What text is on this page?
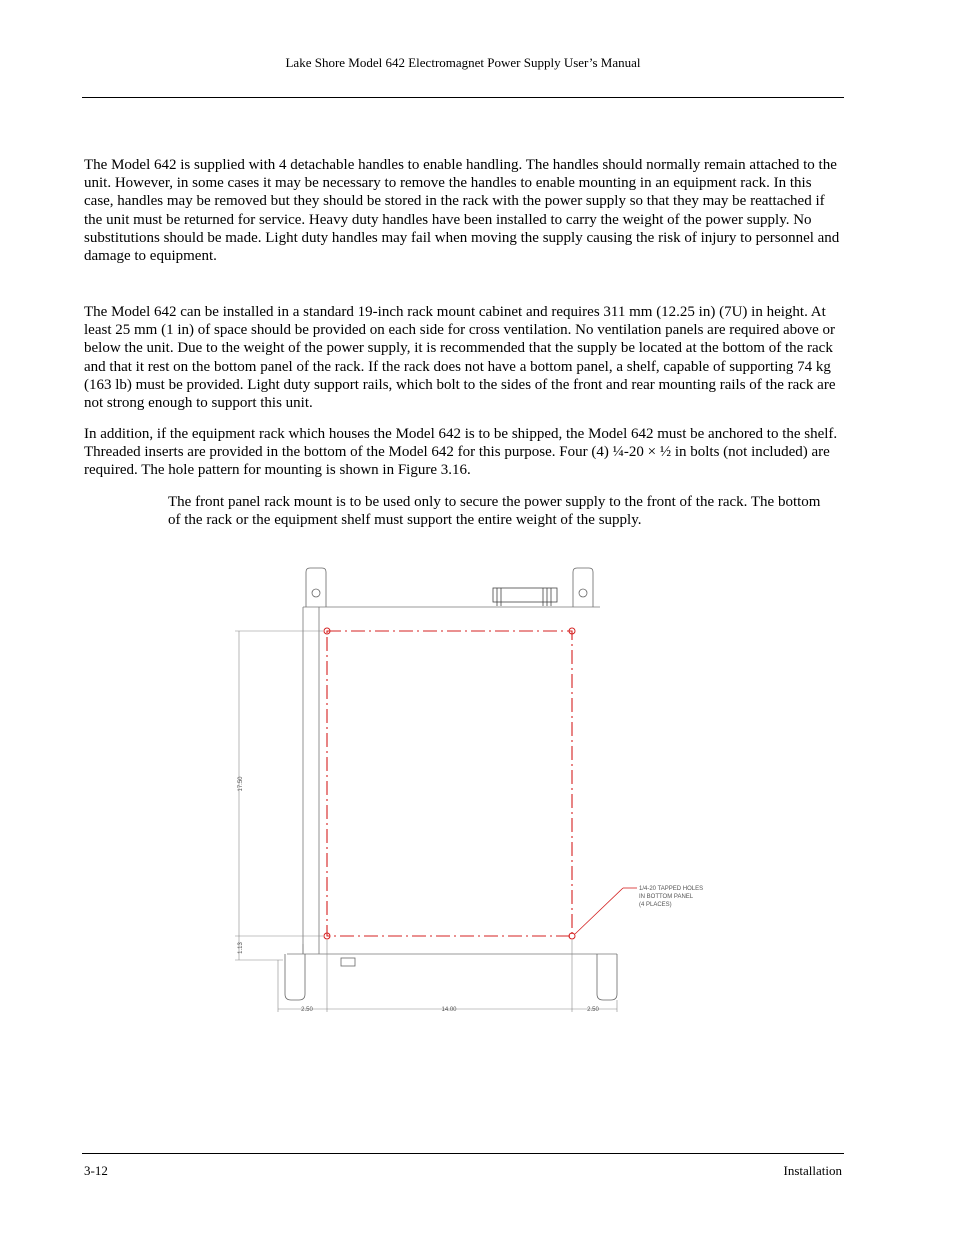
Lake Shore Model 642 Electromagnet Power Supply User’s Manual

The Model 642 is supplied with 4 detachable handles to enable handling. The handles should normally remain attached to the unit. However, in some cases it may be necessary to remove the handles to enable mounting in an equipment rack. In this case, handles may be removed but they should be stored in the rack with the power supply so that they may be reattached if the unit must be returned for service. Heavy duty handles have been installed to carry the weight of the power supply. No substitutions should be made. Light duty handles may fail when moving the supply causing the risk of injury to personnel and damage to equipment.

The Model 642 can be installed in a standard 19-inch rack mount cabinet and requires 311 mm (12.25 in) (7U) in height. At least 25 mm (1 in) of space should be provided on each side for cross ventilation. No ventilation panels are required above or below the unit. Due to the weight of the power supply, it is recommended that the supply be located at the bottom of the rack and that it rest on the bottom panel of the rack. If the rack does not have a bottom panel, a shelf, capable of supporting 74 kg (163 lb) must be provided. Light duty support rails, which bolt to the sides of the front and rear mounting rails of the rack are not strong enough to support this unit.

In addition, if the equipment rack which houses the Model 642 is to be shipped, the Model 642 must be anchored to the shelf. Threaded inserts are provided in the bottom of the Model 642 for this purpose. Four (4) ¼-20 × ½ in bolts (not included) are required. The hole pattern for mounting is shown in Figure 3.16.

The front panel rack mount is to be used only to secure the power supply to the front of the rack. The bottom of the rack or the equipment shelf must support the entire weight of the supply.

1/4-20 TAPPED HOLES
IN BOTTOM PANEL
(4 PLACES)
17.50
1.13
2.50	14.00	2.50
3-12	Installation
